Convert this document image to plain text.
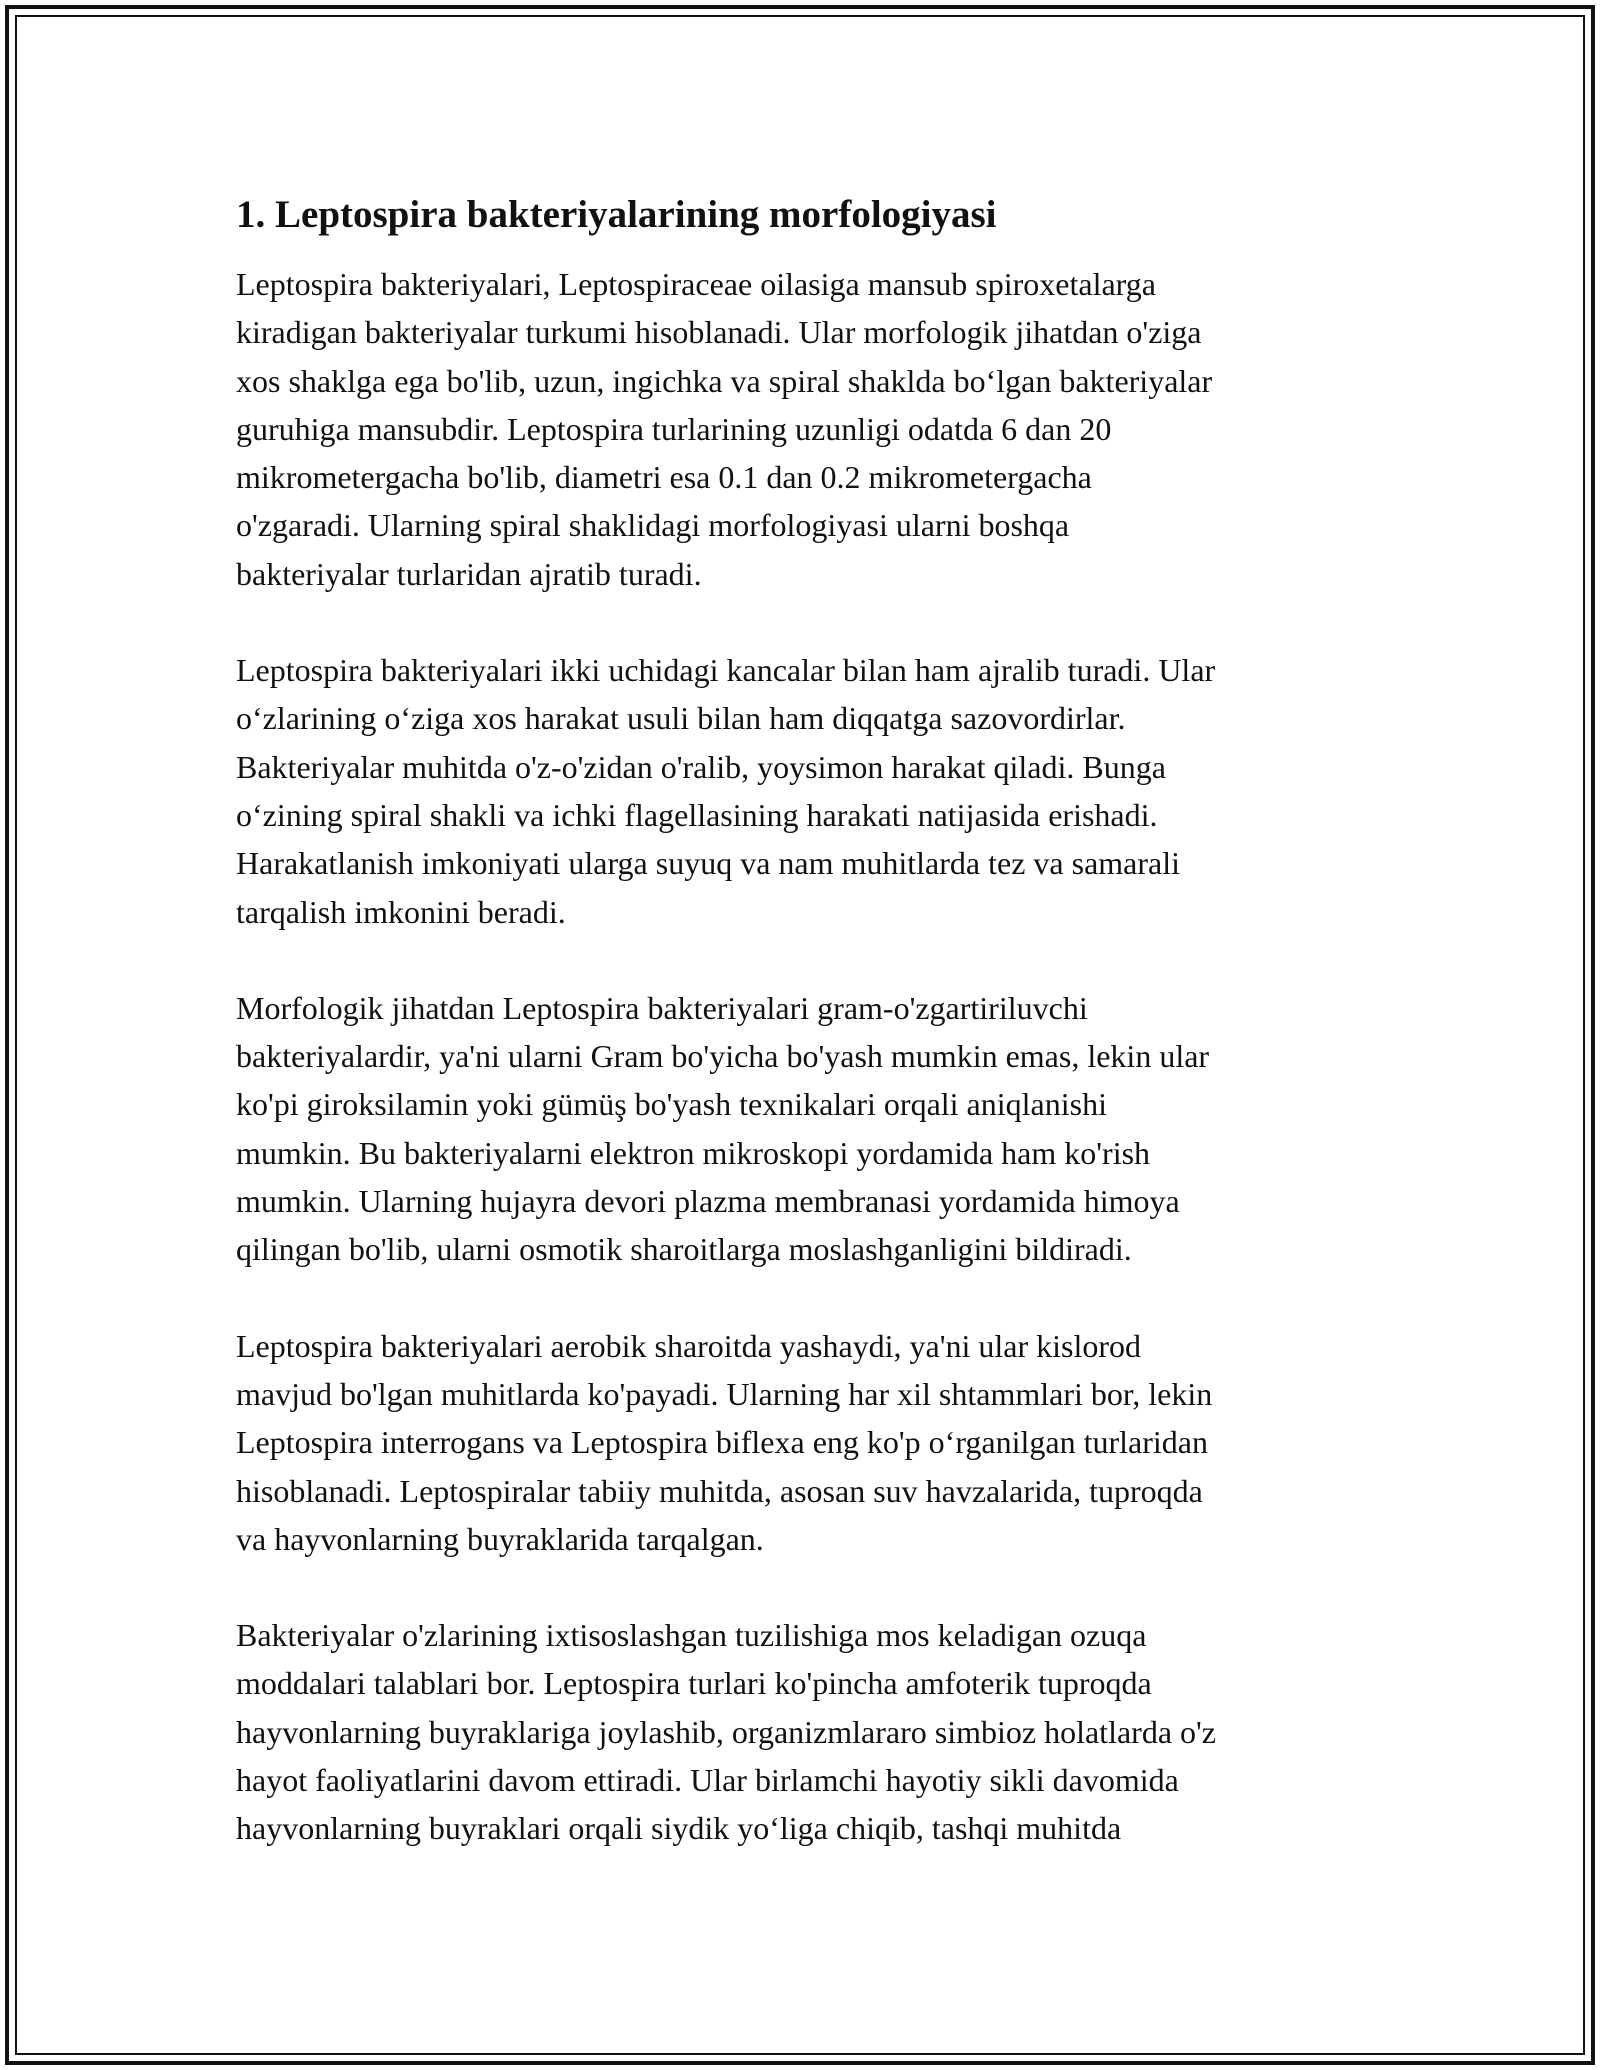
1. Leptospira bakteriyalarining morfologiyasi

Leptospira bakteriyalari, Leptospiraceae oilasiga mansub spiroxetalarga
kiradigan bakteriyalar turkumi hisoblanadi. Ular morfologik jihatdan o'ziga
xos shaklga ega bo'lib, uzun, ingichka va spiral shaklda bo‘lgan bakteriyalar
guruhiga mansubdir. Leptospira turlarining uzunligi odatda 6 dan 20
mikrometergacha bo'lib, diametri esa 0.1 dan 0.2 mikrometergacha
o'zgaradi. Ularning spiral shaklidagi morfologiyasi ularni boshqa
bakteriyalar turlaridan ajratib turadi.

Leptospira bakteriyalari ikki uchidagi kancalar bilan ham ajralib turadi. Ular
o‘zlarining o‘ziga xos harakat usuli bilan ham diqqatga sazovordirlar.
Bakteriyalar muhitda o'z-o'zidan o'ralib, yoysimon harakat qiladi. Bunga
o‘zining spiral shakli va ichki flagellasining harakati natijasida erishadi.
Harakatlanish imkoniyati ularga suyuq va nam muhitlarda tez va samarali
tarqalish imkonini beradi.

Morfologik jihatdan Leptospira bakteriyalari gram-o'zgartiriluvchi
bakteriyalardir, ya'ni ularni Gram bo'yicha bo'yash mumkin emas, lekin ular
ko'pi giroksilamin yoki gümüş bo'yash texnikalari orqali aniqlanishi
mumkin. Bu bakteriyalarni elektron mikroskopi yordamida ham ko'rish
mumkin. Ularning hujayra devori plazma membranasi yordamida himoya
qilingan bo'lib, ularni osmotik sharoitlarga moslashganligini bildiradi.

Leptospira bakteriyalari aerobik sharoitda yashaydi, ya'ni ular kislorod
mavjud bo'lgan muhitlarda ko'payadi. Ularning har xil shtammlari bor, lekin
Leptospira interrogans va Leptospira biflexa eng ko'p o‘rganilgan turlaridan
hisoblanadi. Leptospiralar tabiiy muhitda, asosan suv havzalarida, tuproqda
va hayvonlarning buyraklarida tarqalgan.

Bakteriyalar o'zlarining ixtisoslashgan tuzilishiga mos keladigan ozuqa
moddalari talablari bor. Leptospira turlari ko'pincha amfoterik tuproqda
hayvonlarning buyraklariga joylashib, organizmlararo simbioz holatlarda o'z
hayot faoliyatlarini davom ettiradi. Ular birlamchi hayotiy sikli davomida
hayvonlarning buyraklari orqali siydik yo‘liga chiqib, tashqi muhitda
